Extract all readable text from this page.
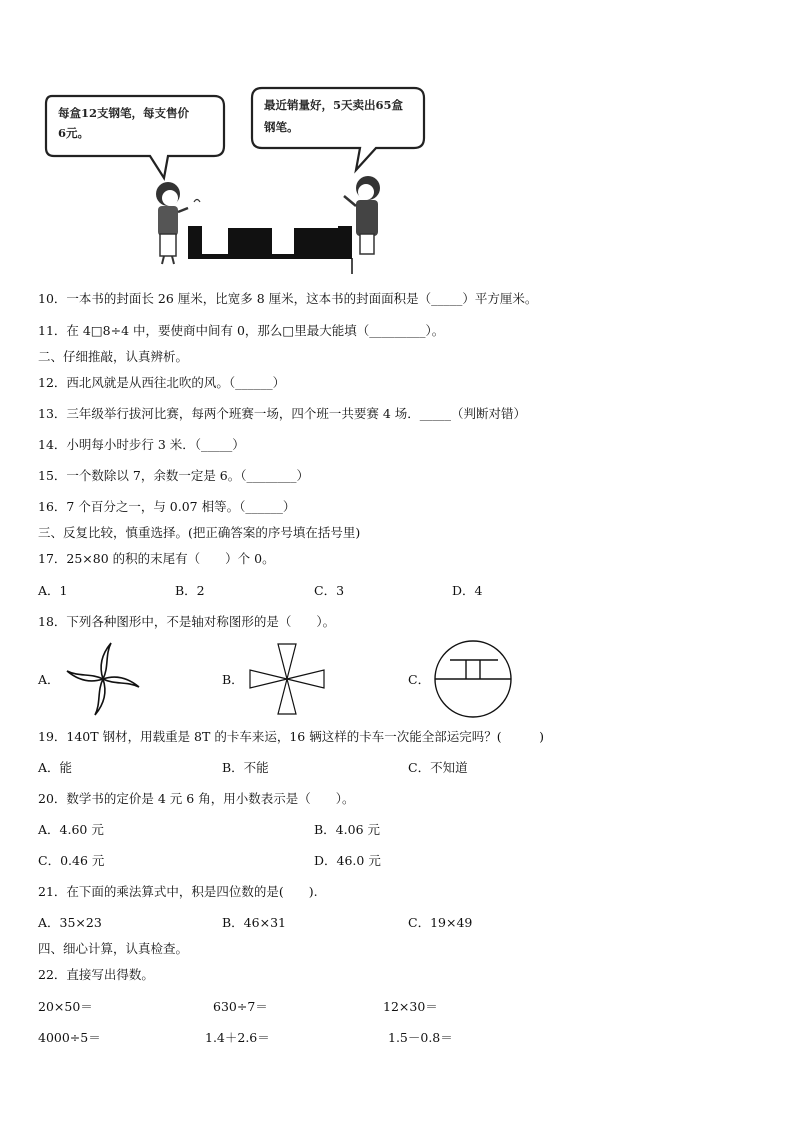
每盒12支钢笔，每支售价
6元。
最近销量好，5天卖出65盒
钢笔。
10．一本书的封面长 26 厘米，比宽多 8 厘米，这本书的封面面积是（_____）平方厘米。
11．在 4□8÷4 中，要使商中间有 0，那么□里最大能填（_________）。
二、仔细推敲，认真辨析。
12．西北风就是从西往北吹的风。（______）
13．三年级举行拔河比赛，每两个班赛一场，四个班一共要赛 4 场．_____（判断对错）
14．小明每小时步行 3 米．（_____）
15．一个数除以 7，余数一定是 6。（________）
16．7 个百分之一，与 0.07 相等。（______）
三、反复比较，慎重选择。(把正确答案的序号填在括号里)
17．25×80 的积的末尾有（　　）个 0。
A．1	B．2	C．3	D．4
18．下列各种图形中，不是轴对称图形的是（　　）。
A．	B．	C．
19．140T 钢材，用载重是 8T 的卡车来运，16 辆这样的卡车一次能全部运完吗？(　　　)
A．能	B．不能	C．不知道
20．数学书的定价是 4 元 6 角，用小数表示是（　　）。
A．4.60 元	B．4.06 元
C．0.46 元	D．46.0 元
21．在下面的乘法算式中，积是四位数的是(　　).
A．35×23	B．46×31	C．19×49
四、细心计算，认真检查。
22．直接写出得数。
20×50＝	630÷7＝	12×30＝
4000÷5＝	1.4＋2.6＝	1.5－0.8＝
